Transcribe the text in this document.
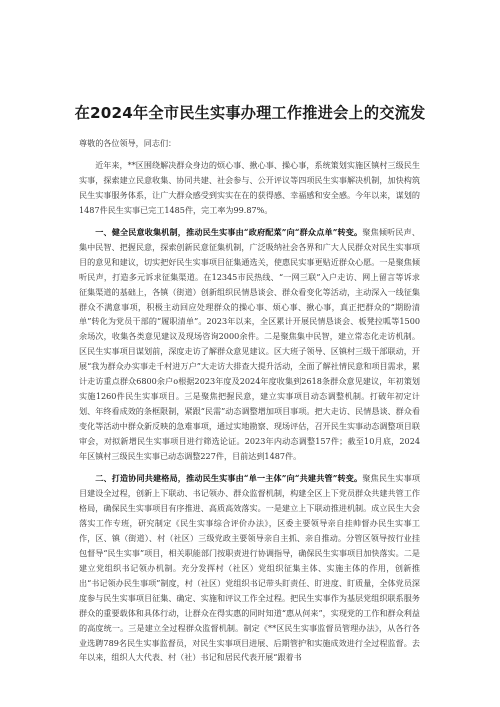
在2024年全市民生实事办理工作推进会上的交流发

尊敬的各位领导，同志们：

近年来，**区围绕解决群众身边的烦心事、揪心事、操心事，系统策划实施区镇村三级民生实事，探索建立民意收集、协同共建、社会参与、公开评议等四项民生实事解决机制，加快构筑民生实事服务体系，让广大群众感受到实实在在的获得感、幸福感和安全感。今年以来，谋划的1487件民生实事已完工1485件，完工率为99.87%。

一、健全民意收集机制，推动民生实事由“政府配菜”向“群众点单”转变。聚焦倾听民声、集中民智、把握民意，探索创新民意征集机制，广泛吸纳社会各界和广大人民群众对民生实事项目的意见和建议，切实把好民生实事项目征集通选关，使惠民实事更贴近群众心愿。一是聚焦倾听民声，打造多元诉求征集渠道。在12345市民热线、“一网三联”入户走访、网上留言等诉求征集渠道的基础上，各镇（街道）创新组织民情恳谈会、群众看变化等活动，主动深入一线征集群众不满意事项，积极主动回应处理群众的操心事、烦心事、揪心事，真正把群众的“期盼清单”转化为党员干部的“履职清单”。2023年以来，全区累计开展民情恳谈会、板凳拉呱等1500余场次，收集各类意见建议及现场咨询2000余件。二是聚焦集中民智，建立常态化走访机制。区民生实事项目谋划前，深度走访了解群众意见建议。区大班子领导、区镇村三级干部联动，开展“我为群众办实事走千村进万户”大走访大排查大提升活动，全面了解社情民意和项目需求，累计走访重点群众6800余户ο根据2023年度及2024年度收集到2618条群众意见建议，年初策划实施1260件民生实事项目。三是聚焦把握民意，建立实事项目动态调整机制。打破年初定计划、年终看成效的条框限制，紧跟“民需”动态调整增加项目事项。把大走访、民情恳谈、群众看变化等活动中群众新反映的急难事项，通过实地勘察、现场评估，召开民生实事动态调整项目联审会，对拟新增民生实事项目进行筛选论证。2023年内动态调整157件；截至10月底，2024年区镇村三级民生实事已动态调整227件，目前达到1487件。

二、打造协同共建格局，推动民生实事由“单一主体”向“共建共管”转变。聚焦民生实事项目建设全过程，创新上下联动、书记领办、群众监督机制，构建全区上下党员群众共建共管工作格局，确保民生实事项目有序推进、高质高效落实。一是建立上下联动推进机制。成立民生大会落实工作专班，研究制定《民生实事综合评价办法》，区委主要领导亲自挂帅督办民生实事工作，区、镇（街道）、村（社区）三级党政主要领导亲自主抓、亲自推动。分管区领导按行业挂包督导“民生实事”项目，相关职能部门按职责进行协调指导，确保民生实事项目加快落实。二是建立党组织书记领办机制。充分发挥村（社区）党组织征集主体、实施主体的作用，创新推出“书记领办民生事项”制度，村（社区）党组织书记带头盯责任、盯进度、盯质量，全体党员深度参与民生实事项目征集、确定、实施和评议工作全过程。把民生实事作为基层党组织联系服务群众的重要载体和具体行动，让群众在得实惠的同时知道“惠从何来”，实现党的工作和群众利益的高度统一。三是建立全过程群众监督机制。制定《**区民生实事监督员管理办法》，从各行各业选聘789名民生实事监督员，对民生实事项目进展、后期管护和实施成效进行全过程监督。去年以来，组织人大代表、村（社）书记和居民代表开展“跟着书
